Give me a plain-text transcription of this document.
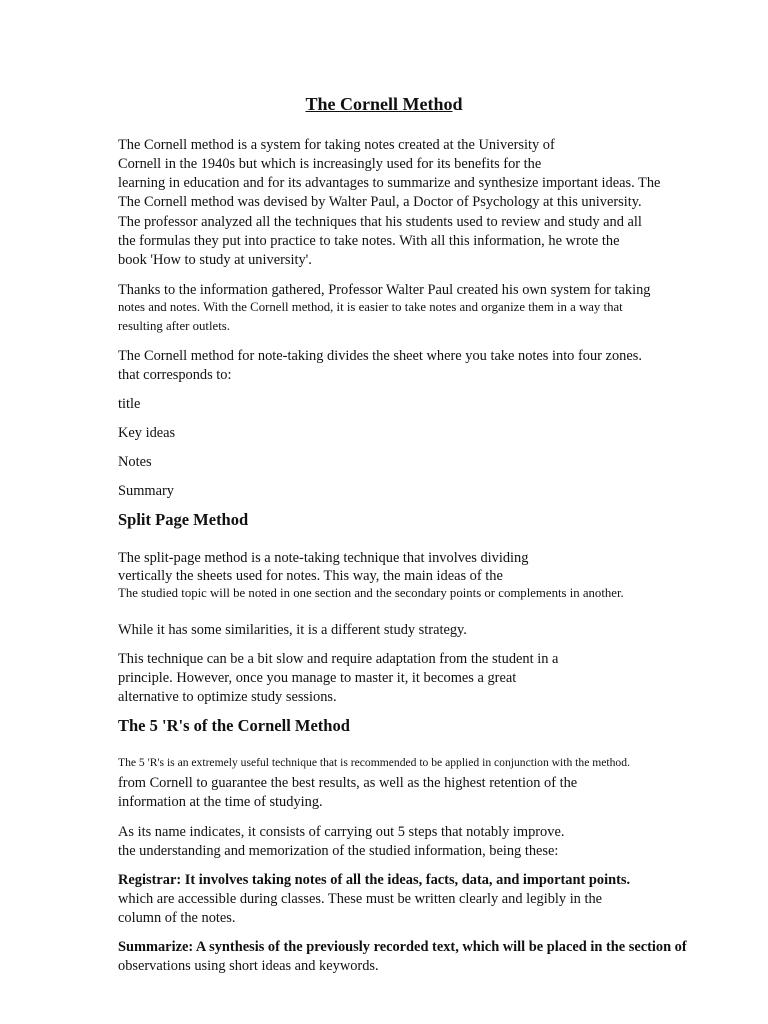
The Cornell Method
The Cornell method is a system for taking notes created at the University of
Cornell in the 1940s but which is increasingly used for its benefits for the
learning in education and for its advantages to summarize and synthesize important ideas. The
The Cornell method was devised by Walter Paul, a Doctor of Psychology at this university.
The professor analyzed all the techniques that his students used to review and study and all
the formulas they put into practice to take notes. With all this information, he wrote the
book 'How to study at university'.
Thanks to the information gathered, Professor Walter Paul created his own system for taking
notes and notes. With the Cornell method, it is easier to take notes and organize them in a way that
resulting after outlets.
The Cornell method for note-taking divides the sheet where you take notes into four zones.
that corresponds to:
title
Key ideas
Notes
Summary
Split Page Method
The split-page method is a note-taking technique that involves dividing
vertically the sheets used for notes. This way, the main ideas of the
The studied topic will be noted in one section and the secondary points or complements in another.
While it has some similarities, it is a different study strategy.
This technique can be a bit slow and require adaptation from the student in a
principle. However, once you manage to master it, it becomes a great
alternative to optimize study sessions.
The 5 'R's of the Cornell Method
The 5 'R's is an extremely useful technique that is recommended to be applied in conjunction with the method.
from Cornell to guarantee the best results, as well as the highest retention of the
information at the time of studying.
As its name indicates, it consists of carrying out 5 steps that notably improve.
the understanding and memorization of the studied information, being these:
Registrar: It involves taking notes of all the ideas, facts, data, and important points.
which are accessible during classes. These must be written clearly and legibly in the
column of the notes.
Summarize: A synthesis of the previously recorded text, which will be placed in the section of
observations using short ideas and keywords.
